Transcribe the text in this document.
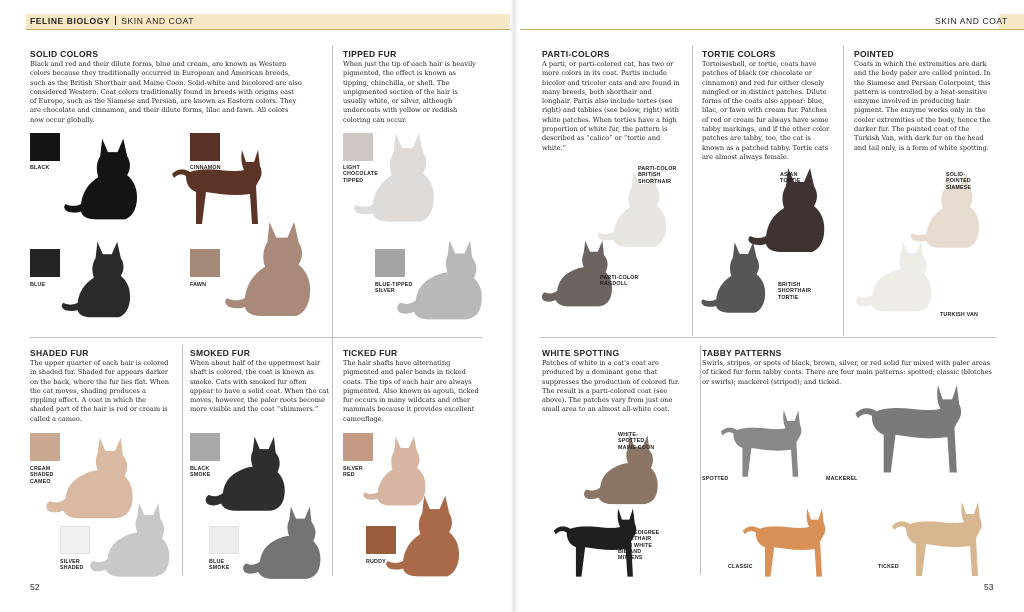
FELINE BIOLOGY SKIN AND COAT	SKIN AND COAT
SOLID COLORS

Black and red and their dilute forms, blue and cream, are known as Western colors because they traditionally occurred in European and American breeds, such as the British Shorthair and Maine Coon. Solid-white and bicolored are also considered Western. Coat colors traditionally found in breeds with origins east of Europe, such as the Siamese and Persian, are known as Eastern colors. They are chocolate and cinnamon, and their dilute forms, lilac and fawn. All colors now occur globally.

BLACK	CINNAMON
BLUE	FAWN
TIPPED FUR

When just the tip of each hair is heavily pigmented, the effect is known as tipping, chinchilla, or shell. The unpigmented section of the hair is usually white, or silver, although undercoats with yellow or reddish coloring can occur.

LIGHT CHOCOLATE TIPPED
BLUE-TIPPED SILVER
PARTI-COLORS

A parti, or parti-colored cat, has two or more colors in its coat. Partis include bicolor and tricolor cats and are found in many breeds, both shorthair and longhair. Partis also include tortes (see right) and tabbies (see below, right) with white patches. When torties have a high proportion of white fur, the pattern is described as “calico” or “tortie and white.”

PARTI-COLOR BRITISH SHORTHAIR
PARTI-COLOR RAGDOLL
TORTIE COLORS

Tortoiseshell, or tortie, coats have patches of black (or chocolate or cinnamon) and red fur either closely mingled or in distinct patches. Dilute forms of the coats also appear: blue, lilac, or fawn with cream fur. Patches of red or cream fur always have some tabby markings, and if the other color patches are tabby, too, the cat is known as a patched tabby. Tortie cats are almost always female.

ASIAN TORTIE
BRITISH SHORTHAIR TORTIE
POINTED

Coats in which the extremities are dark and the body paler are called pointed. In the Siamese and Persian Colorpoint, this pattern is controlled by a heat-sensitive enzyme involved in producing hair pigment. The enzyme works only in the cooler extremities of the body, hence the darker fur. The pointed coat of the Turkish Van, with dark fur on the head and tail only, is a form of white spotting.

SOLID-POINTED SIAMESE
TURKISH VAN
SHADED FUR

The upper quarter of each hair is colored in shaded fur. Shaded fur appears darker on the back, where the fur lies flat. When the cat moves, shading produces a rippling effect. A coat in which the shaded part of the hair is red or cream is called a cameo.

CREAM SHADED CAMEO
SILVER SHADED
SMOKED FUR

When about half of the uppermost hair shaft is colored, the coat is known as smoke. Cats with smoked fur often appear to have a solid coat. When the cat moves, however, the paler roots become more visible and the coat “shimmers.”

BLACK SMOKE
BLUE SMOKE
TICKED FUR

The hair shafts have alternating pigmented and paler bands in ticked coats. The tips of each hair are always pigmented. Also known as agouti, ticked fur occurs in many wildcats and other mammals because it provides excellent camouflage.

SILVER RED
RUDDY
WHITE SPOTTING

Patches of white in a cat’s coat are produced by a dominant gene that suppresses the production of colored fur. The result is a parti-colored coat (see above). The patches vary from just one small area to an almost all-white coat.

WHITE-SPOTTED MAINE COON
NONPEDIGREE SHORTHAIR WITH WHITE BIB AND MITTENS
TABBY PATTERNS

Swirls, stripes, or spots of black, brown, silver, or red solid fur mixed with paler areas of ticked fur form tabby coats. There are four main patterns: spotted; classic (blotches or swirls); mackerel (striped); and ticked.

SPOTTED	MACKEREL
CLASSIC	TICKED
52	53
